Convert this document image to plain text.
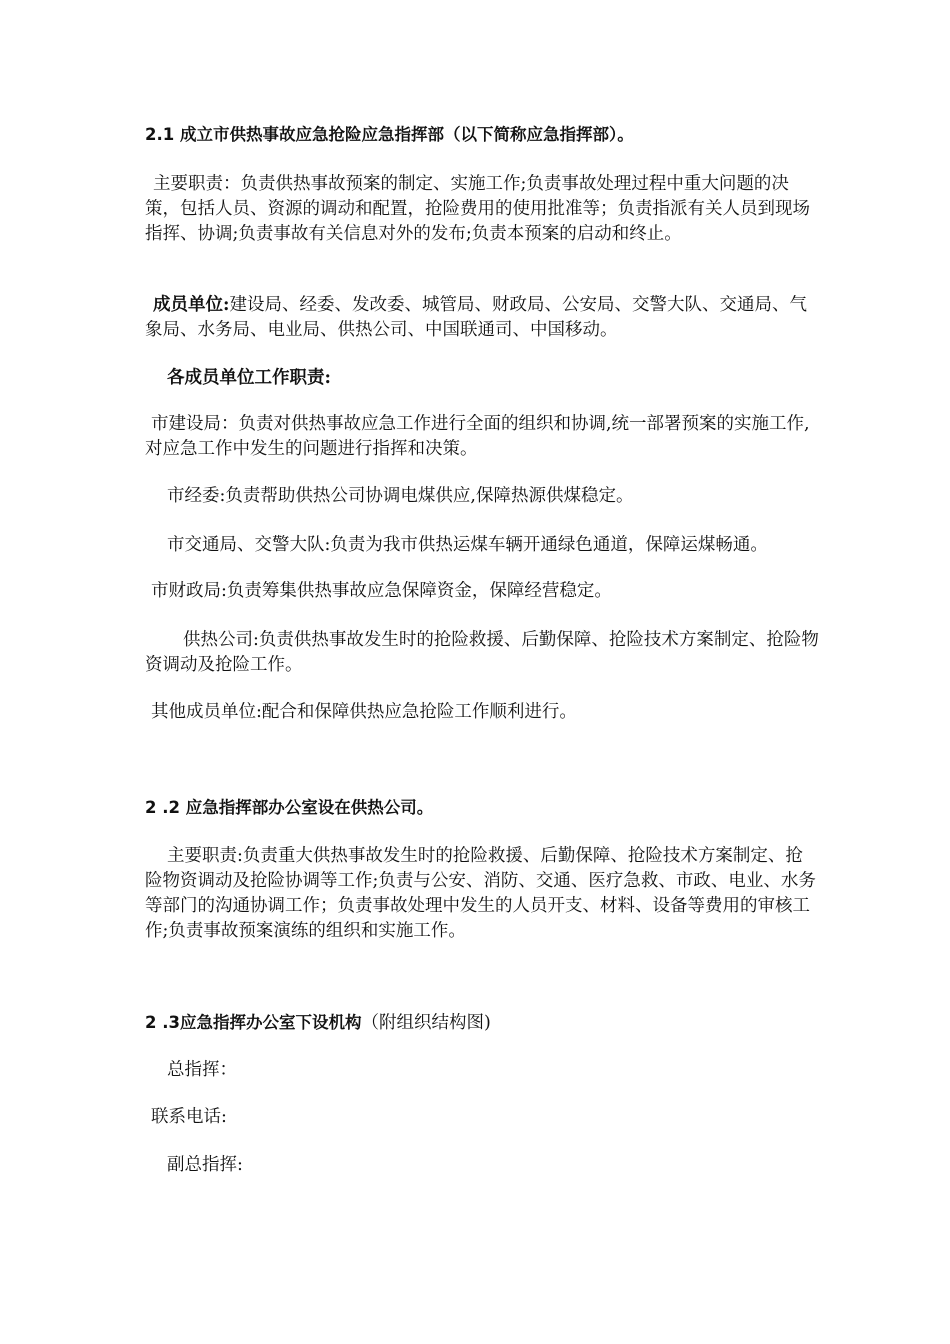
2.1 成立市供热事故应急抢险应急指挥部（以下简称应急指挥部）。

主要职责：负责供热事故预案的制定、实施工作;负责事故处理过程中重大问题的决策，包括人员、资源的调动和配置，抢险费用的使用批准等；负责指派有关人员到现场指挥、协调;负责事故有关信息对外的发布;负责本预案的启动和终止。

成员单位:建设局、经委、发改委、城管局、财政局、公安局、交警大队、交通局、气象局、水务局、电业局、供热公司、中国联通司、中国移动。

各成员单位工作职责:

市建设局：负责对供热事故应急工作进行全面的组织和协调,统一部署预案的实施工作,对应急工作中发生的问题进行指挥和决策。

市经委:负责帮助供热公司协调电煤供应,保障热源供煤稳定。

市交通局、交警大队:负责为我市供热运煤车辆开通绿色通道，保障运煤畅通。

市财政局:负责筹集供热事故应急保障资金，保障经营稳定。

供热公司:负责供热事故发生时的抢险救援、后勤保障、抢险技术方案制定、抢险物资调动及抢险工作。

其他成员单位:配合和保障供热应急抢险工作顺利进行。

2 .2 应急指挥部办公室设在供热公司。

主要职责:负责重大供热事故发生时的抢险救援、后勤保障、抢险技术方案制定、抢险物资调动及抢险协调等工作;负责与公安、消防、交通、医疗急救、市政、电业、水务等部门的沟通协调工作；负责事故处理中发生的人员开支、材料、设备等费用的审核工作;负责事故预案演练的组织和实施工作。

2 .3应急指挥办公室下设机构（附组织结构图)

总指挥：

联系电话:

副总指挥:
